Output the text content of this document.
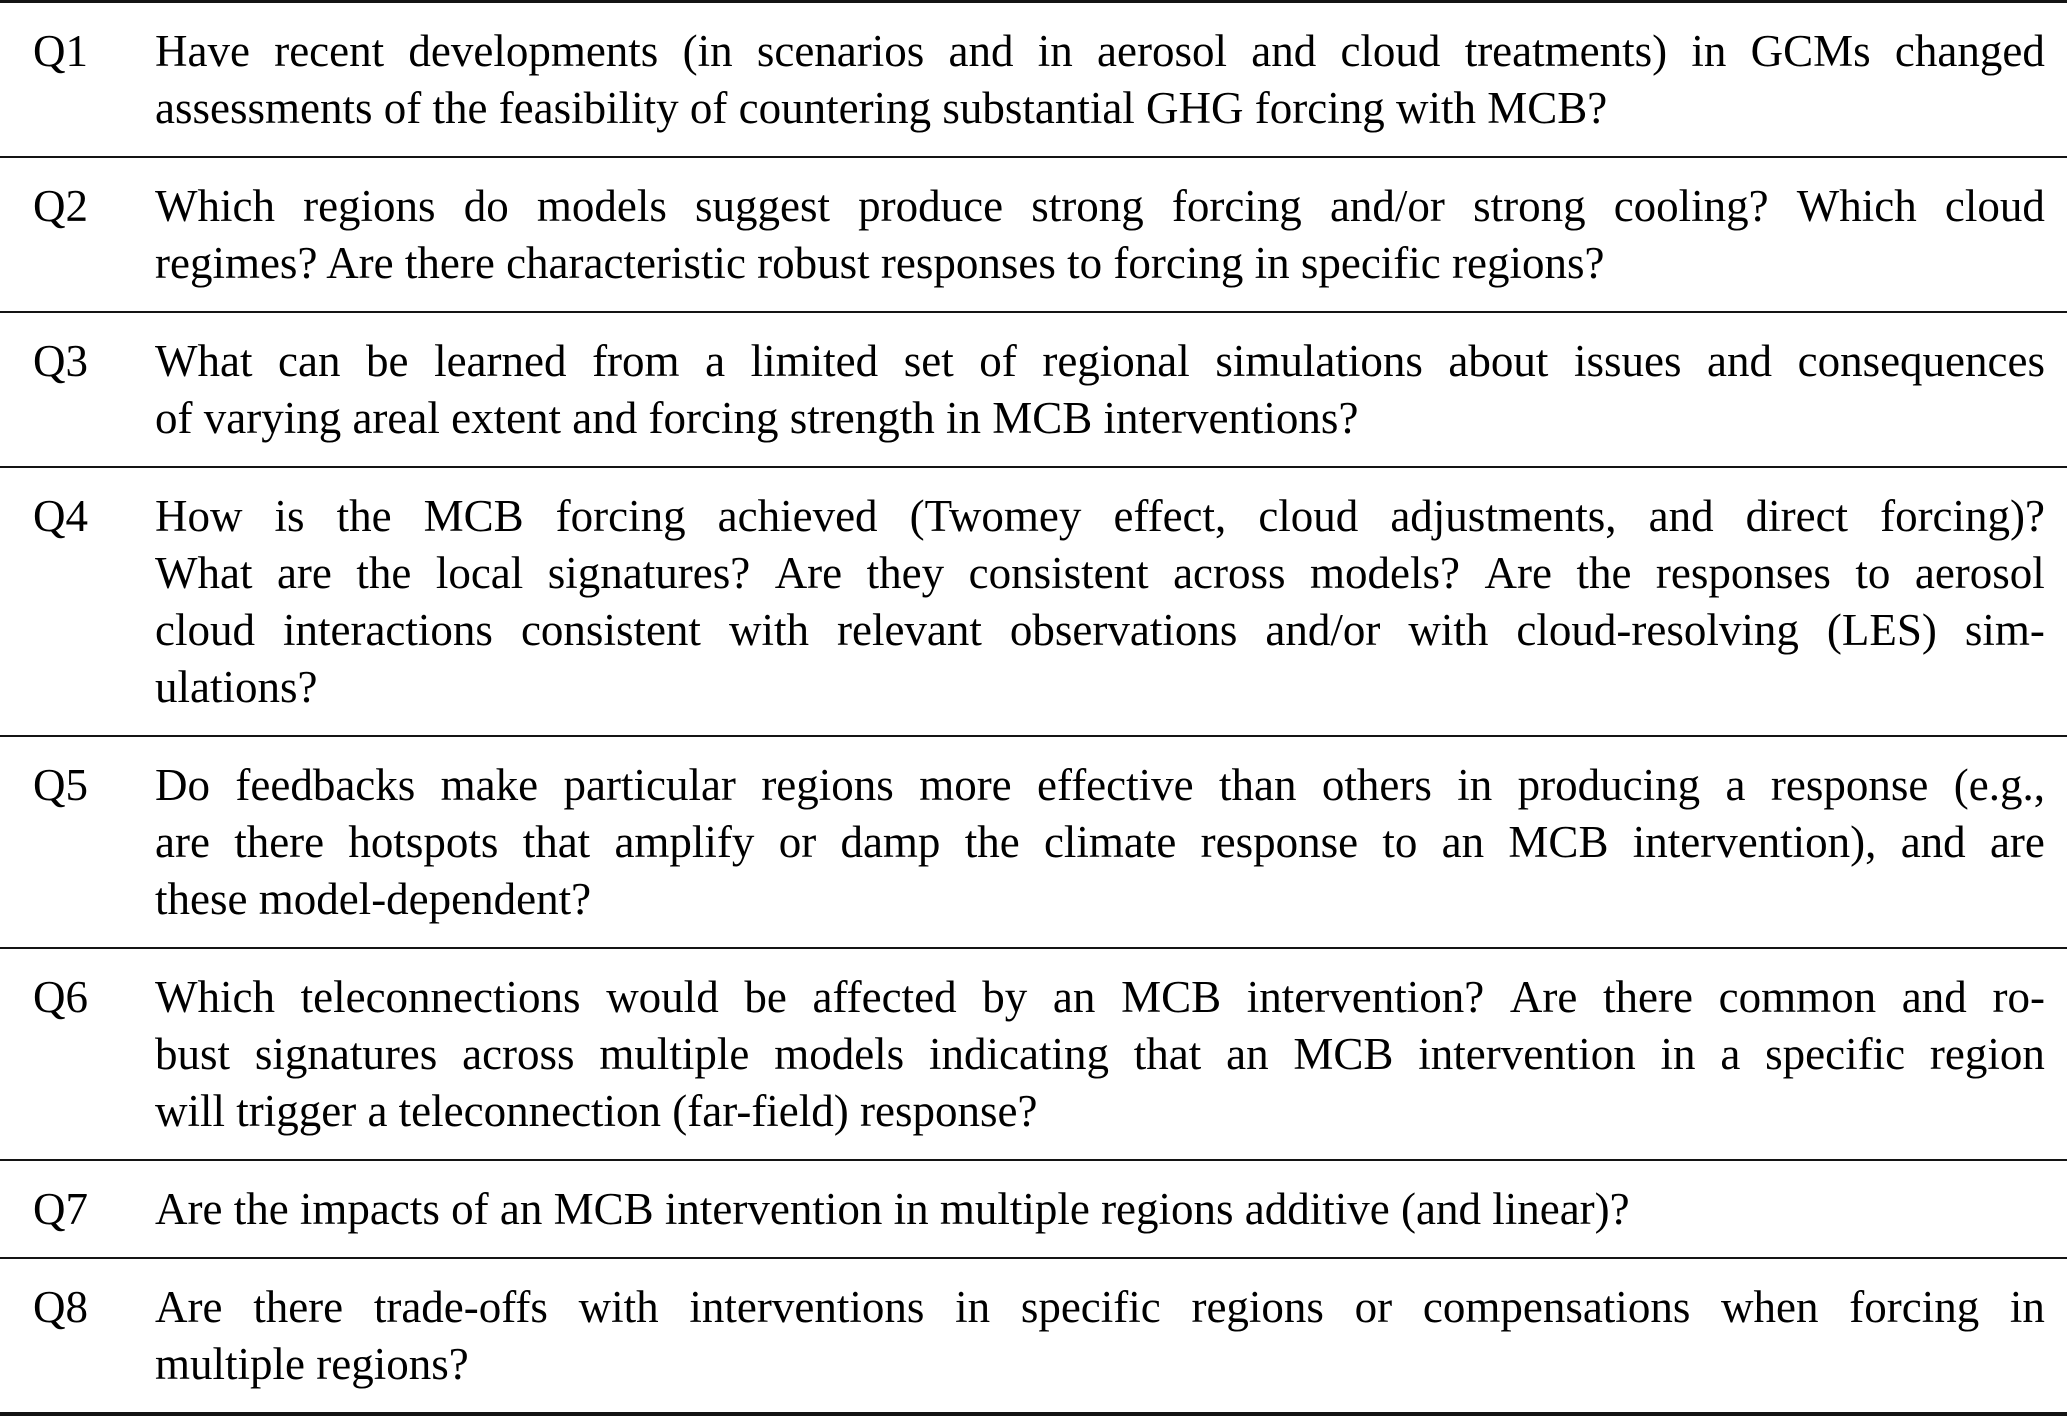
Q1	Have recent developments (in scenarios and in aerosol and cloud treatments) in GCMs changed
assessments of the feasibility of countering substantial GHG forcing with MCB?
Q2	Which regions do models suggest produce strong forcing and/or strong cooling? Which cloud
regimes? Are there characteristic robust responses to forcing in specific regions?
Q3	What can be learned from a limited set of regional simulations about issues and consequences
of varying areal extent and forcing strength in MCB interventions?
Q4	How is the MCB forcing achieved (Twomey effect, cloud adjustments, and direct forcing)?
What are the local signatures? Are they consistent across models? Are the responses to aerosol
cloud interactions consistent with relevant observations and/or with cloud-resolving (LES) sim-
ulations?
Q5	Do feedbacks make particular regions more effective than others in producing a response (e.g.,
are there hotspots that amplify or damp the climate response to an MCB intervention), and are
these model-dependent?
Q6	Which teleconnections would be affected by an MCB intervention? Are there common and ro-
bust signatures across multiple models indicating that an MCB intervention in a specific region
will trigger a teleconnection (far-field) response?
Q7	Are the impacts of an MCB intervention in multiple regions additive (and linear)?
Q8	Are there trade-offs with interventions in specific regions or compensations when forcing in
multiple regions?
